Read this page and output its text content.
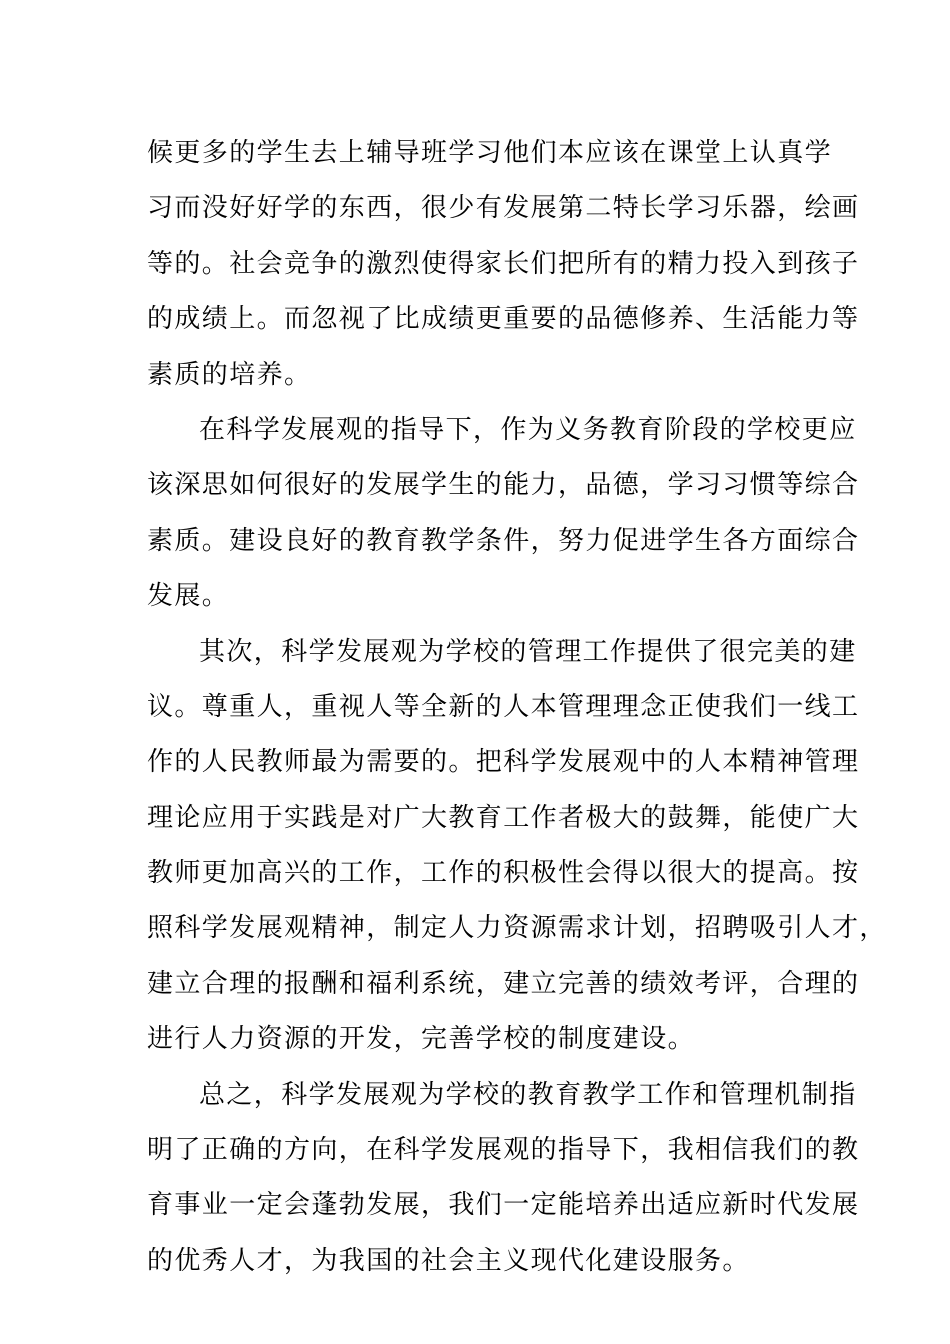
候更多的学生去上辅导班学习他们本应该在课堂上认真学
习而没好好学的东西，很少有发展第二特长学习乐器，绘画
等的。社会竞争的激烈使得家长们把所有的精力投入到孩子
的成绩上。而忽视了比成绩更重要的品德修养、生活能力等
素质的培养。
在科学发展观的指导下，作为义务教育阶段的学校更应
该深思如何很好的发展学生的能力，品德，学习习惯等综合
素质。建设良好的教育教学条件，努力促进学生各方面综合
发展。
其次，科学发展观为学校的管理工作提供了很完美的建
议。尊重人，重视人等全新的人本管理理念正使我们一线工
作的人民教师最为需要的。把科学发展观中的人本精神管理
理论应用于实践是对广大教育工作者极大的鼓舞，能使广大
教师更加高兴的工作，工作的积极性会得以很大的提高。按
照科学发展观精神，制定人力资源需求计划，招聘吸引人才，
建立合理的报酬和福利系统，建立完善的绩效考评，合理的
进行人力资源的开发，完善学校的制度建设。
总之，科学发展观为学校的教育教学工作和管理机制指
明了正确的方向，在科学发展观的指导下，我相信我们的教
育事业一定会蓬勃发展，我们一定能培养出适应新时代发展
的优秀人才，为我国的社会主义现代化建设服务。
